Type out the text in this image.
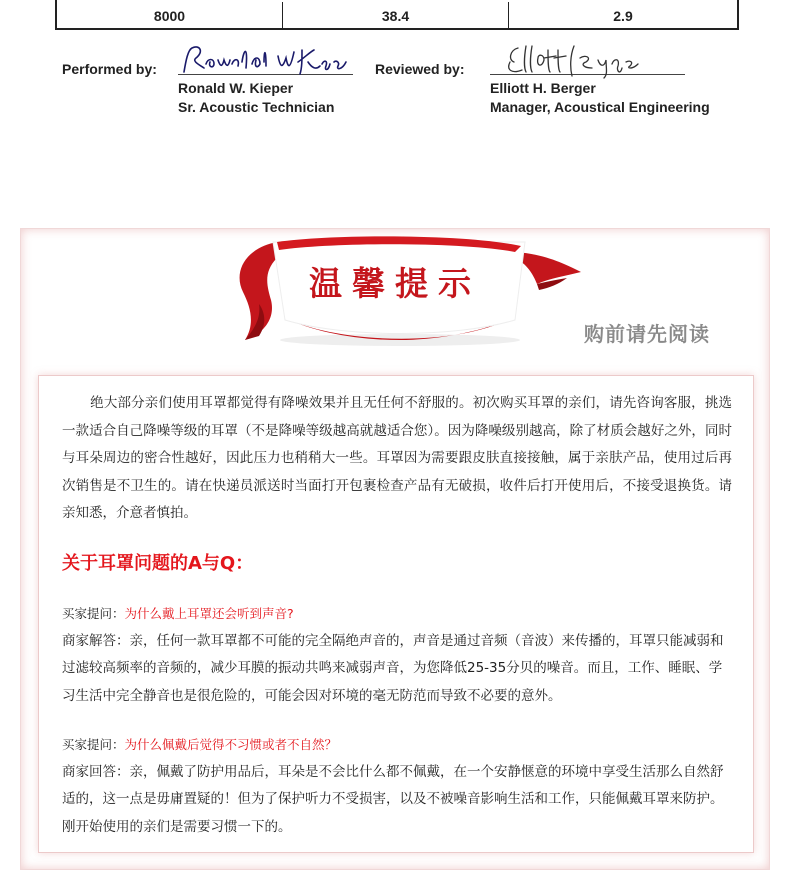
8000	38.4	2.9
Performed by:
Ronald W. Kieper
Sr. Acoustic Technician
Reviewed by:
Elliott H. Berger
Manager, Acoustical Engineering
温馨提示
购前请先阅读
绝大部分亲们使用耳罩都觉得有降噪效果并且无任何不舒服的。初次购买耳罩的亲们，请先咨询客服，挑选一款适合自己降噪等级的耳罩（不是降噪等级越高就越适合您）。因为降噪级别越高，除了材质会越好之外，同时与耳朵周边的密合性越好，因此压力也稍稍大一些。耳罩因为需要跟皮肤直接接触，属于亲肤产品，使用过后再次销售是不卫生的。请在快递员派送时当面打开包裹检查产品有无破损，收件后打开使用后，不接受退换货。请亲知悉，介意者慎拍。
关于耳罩问题的A与Q：
买家提问：为什么戴上耳罩还会听到声音?
商家解答：亲，任何一款耳罩都不可能的完全隔绝声音的，声音是通过音频（音波）来传播的，耳罩只能减弱和过滤较高频率的音频的，减少耳膜的振动共鸣来减弱声音，为您降低25-35分贝的噪音。而且，工作、睡眠、学习生活中完全静音也是很危险的，可能会因对环境的毫无防范而导致不必要的意外。
买家提问：为什么佩戴后觉得不习惯或者不自然？
商家回答：亲，佩戴了防护用品后，耳朵是不会比什么都不佩戴，在一个安静惬意的环境中享受生活那么自然舒适的，这一点是毋庸置疑的！但为了保护听力不受损害，以及不被噪音影响生活和工作，只能佩戴耳罩来防护。刚开始使用的亲们是需要习惯一下的。
